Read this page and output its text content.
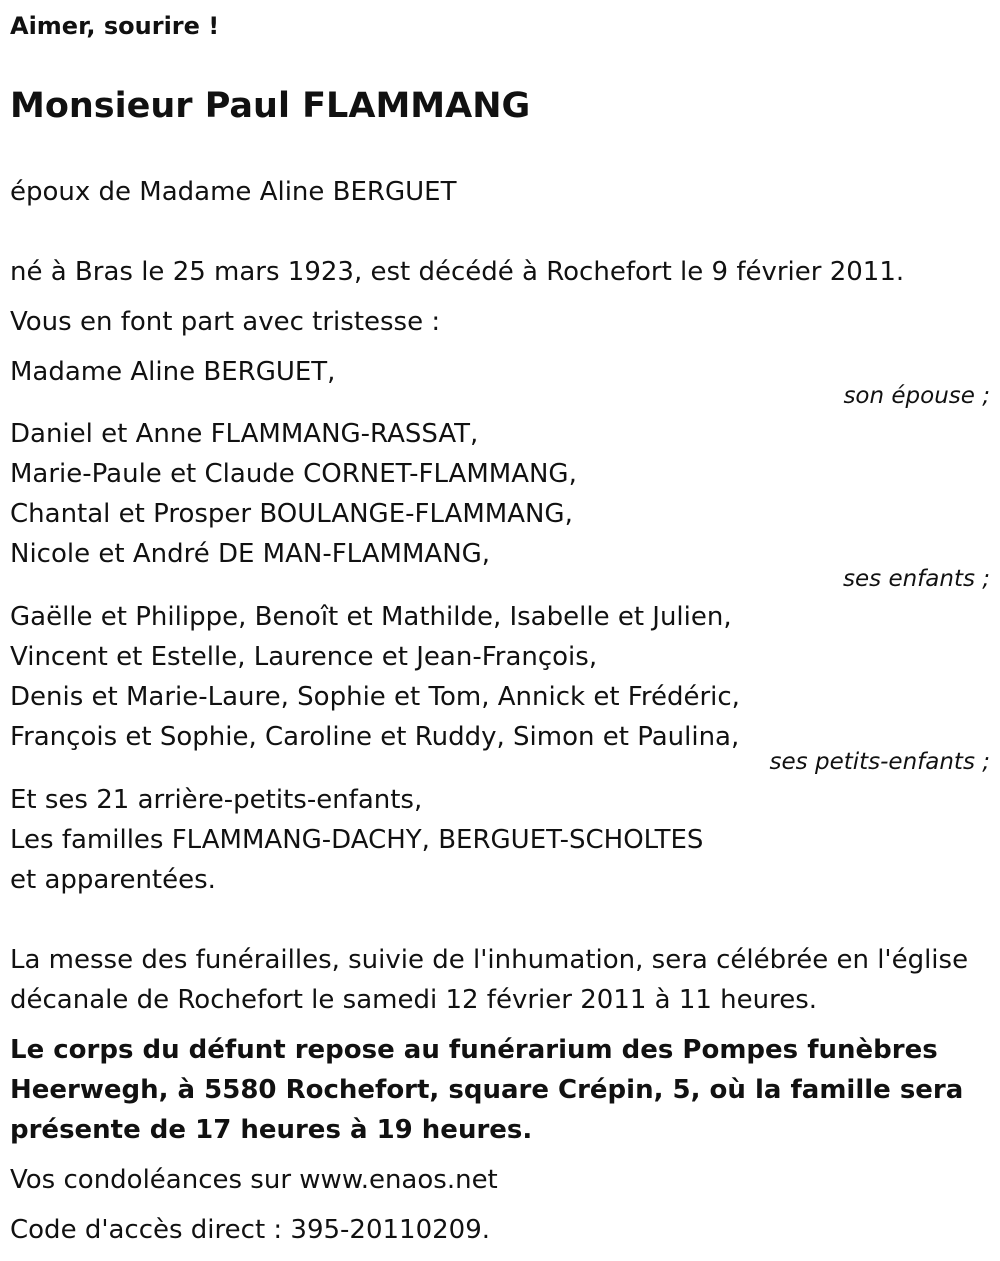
Aimer, sourire !
Monsieur Paul FLAMMANG
époux de Madame Aline BERGUET
né à Bras le 25 mars 1923, est décédé à Rochefort le 9 février 2011.
Vous en font part avec tristesse :
Madame Aline BERGUET,
son épouse ;
Daniel et Anne FLAMMANG-RASSAT,
Marie-Paule et Claude CORNET-FLAMMANG,
Chantal et Prosper BOULANGE-FLAMMANG,
Nicole et André DE MAN-FLAMMANG,
ses enfants ;
Gaëlle et Philippe, Benoît et Mathilde, Isabelle et Julien,
Vincent et Estelle, Laurence et Jean-François,
Denis et Marie-Laure, Sophie et Tom, Annick et Frédéric,
François et Sophie, Caroline et Ruddy, Simon et Paulina,
ses petits-enfants ;
Et ses 21 arrière-petits-enfants,
Les familles FLAMMANG-DACHY, BERGUET-SCHOLTES
et apparentées.
La messe des funérailles, suivie de l'inhumation, sera célébrée en l'église
décanale de Rochefort le samedi 12 février 2011 à 11 heures.
Le corps du défunt repose au funérarium des Pompes funèbres
Heerwegh, à 5580 Rochefort, square Crépin, 5, où la famille sera
présente de 17 heures à 19 heures.
Vos condoléances sur www.enaos.net
Code d'accès direct : 395-20110209.
